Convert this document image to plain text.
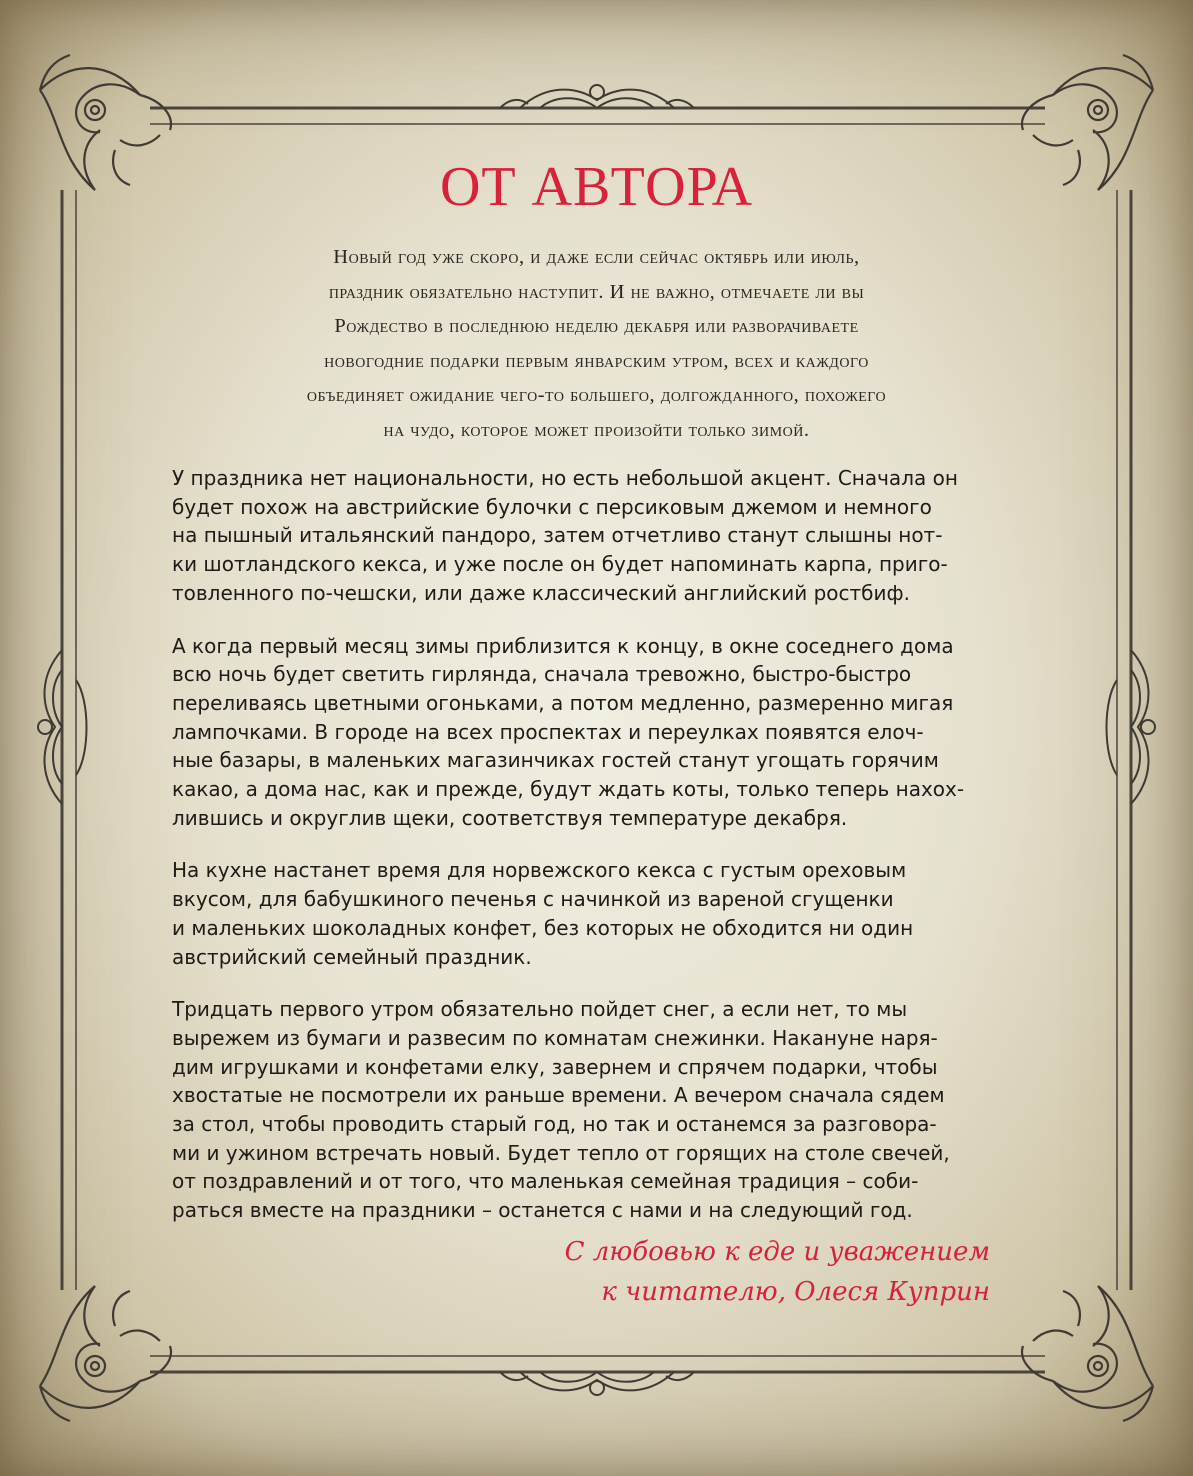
ОТ АВТОРА
Новый год уже скоро, и даже если сейчас октябрь или июль,
праздник обязательно наступит. И не важно, отмечаете ли вы
Рождество в последнюю неделю декабря или разворачиваете
новогодние подарки первым январским утром, всех и каждого
объединяет ожидание чего-то большего, долгожданного, похожего
на чудо, которое может произойти только зимой.
У праздника нет национальности, но есть небольшой акцент. Сначала он
будет похож на австрийские булочки с персиковым джемом и немного
на пышный итальянский пандоро, затем отчетливо станут слышны нот-
ки шотландского кекса, и уже после он будет напоминать карпа, приго-
товленного по-чешски, или даже классический английский ростбиф.
А когда первый месяц зимы приблизится к концу, в окне соседнего дома
всю ночь будет светить гирлянда, сначала тревожно, быстро-быстро
переливаясь цветными огоньками, а потом медленно, размеренно мигая
лампочками. В городе на всех проспектах и переулках появятся елоч-
ные базары, в маленьких магазинчиках гостей станут угощать горячим
какао, а дома нас, как и прежде, будут ждать коты, только теперь нахох-
лившись и округлив щеки, соответствуя температуре декабря.
На кухне настанет время для норвежского кекса с густым ореховым
вкусом, для бабушкиного печенья с начинкой из вареной сгущенки
и маленьких шоколадных конфет, без которых не обходится ни один
австрийский семейный праздник.
Тридцать первого утром обязательно пойдет снег, а если нет, то мы
вырежем из бумаги и развесим по комнатам снежинки. Накануне наря-
дим игрушками и конфетами елку, завернем и спрячем подарки, чтобы
хвостатые не посмотрели их раньше времени. А вечером сначала сядем
за стол, чтобы проводить старый год, но так и останемся за разговора-
ми и ужином встречать новый. Будет тепло от горящих на столе свечей,
от поздравлений и от того, что маленькая семейная традиция – соби-
раться вместе на праздники – останется с нами и на следующий год.
С любовью к еде и уважением
к читателю, Олеся Куприн
